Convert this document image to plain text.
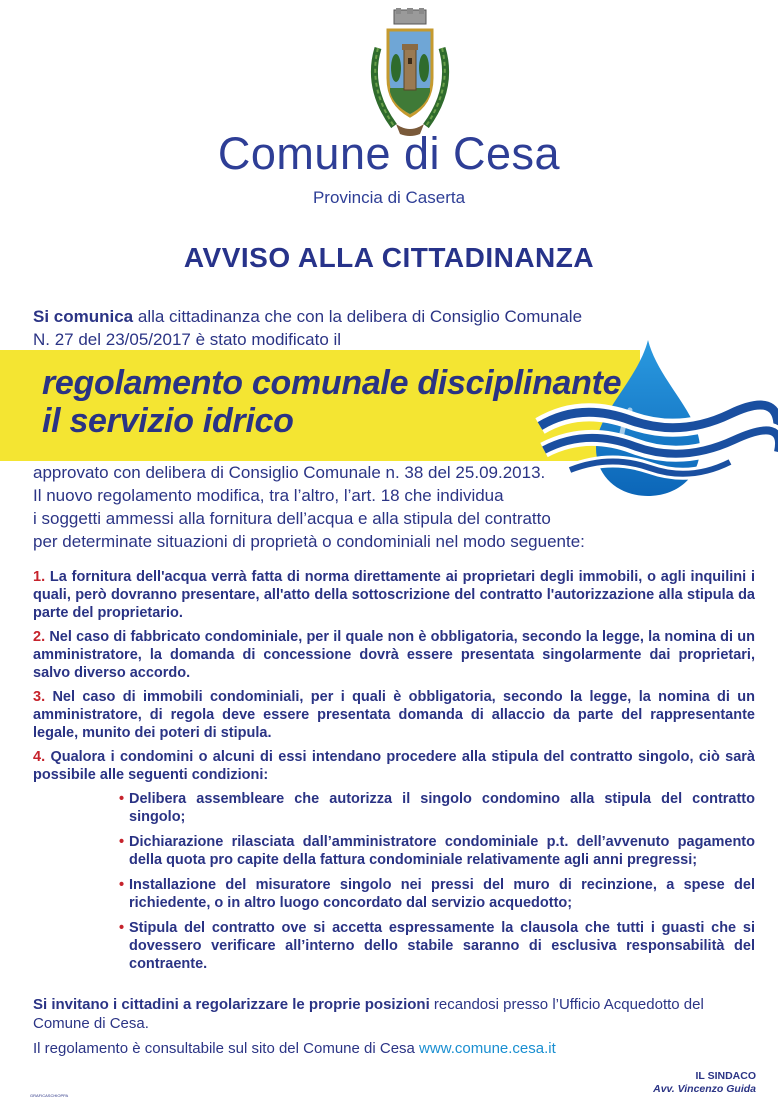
Comune di Cesa
Provincia di Caserta
AVVISO ALLA CITTADINANZA
Si comunica alla cittadinanza che con la delibera di Consiglio Comunale
N. 27 del 23/05/2017 è stato modificato il
regolamento comunale disciplinante
il servizio idrico
approvato con delibera di Consiglio Comunale n. 38 del 25.09.2013.
Il nuovo regolamento modifica, tra l’altro, l’art. 18 che individua
i soggetti ammessi alla fornitura dell’acqua e alla stipula del contratto
per determinate situazioni di proprietà o condominiali nel modo seguente:
1. La fornitura dell'acqua verrà fatta di norma direttamente ai proprietari degli immobili, o agli inquilini i quali, però dovranno presentare, all'atto della sottoscrizione del contratto l'autorizzazione alla stipula da parte del proprietario.
2. Nel caso di fabbricato condominiale, per il quale non è obbligatoria, secondo la legge, la nomina di un amministratore, la domanda di concessione dovrà essere presentata singolarmente dai proprietari, salvo diverso accordo.
3. Nel caso di immobili condominiali, per i quali è obbligatoria, secondo la legge, la nomina di un amministratore, di regola deve essere presentata domanda di allaccio da parte del rappresentante legale, munito dei poteri di stipula.
4. Qualora i condomini o alcuni di essi intendano procedere alla stipula del contratto singolo, ciò sarà possibile alle seguenti condizioni:
• Delibera assembleare che autorizza il singolo condomino alla stipula del contratto singolo;
• Dichiarazione rilasciata dall’amministratore condominiale p.t. dell’avvenuto pagamento della quota pro capite della fattura condominiale relativamente agli anni pregressi;
• Installazione del misuratore singolo nei pressi del muro di recinzione, a spese del richiedente, o in altro luogo concordato dal servizio acquedotto;
• Stipula del contratto ove si accetta espressamente la clausola che tutti i guasti che si dovessero verificare all’interno dello stabile saranno di esclusiva responsabilità del contraente.
Si invitano i cittadini a regolarizzare le proprie posizioni recandosi presso l’Ufficio Acquedotto del Comune di Cesa.
Il regolamento è consultabile sul sito del Comune di Cesa www.comune.cesa.it
IL SINDACO
Avv. Vincenzo Guida
GRAFICASCHIOPPA
